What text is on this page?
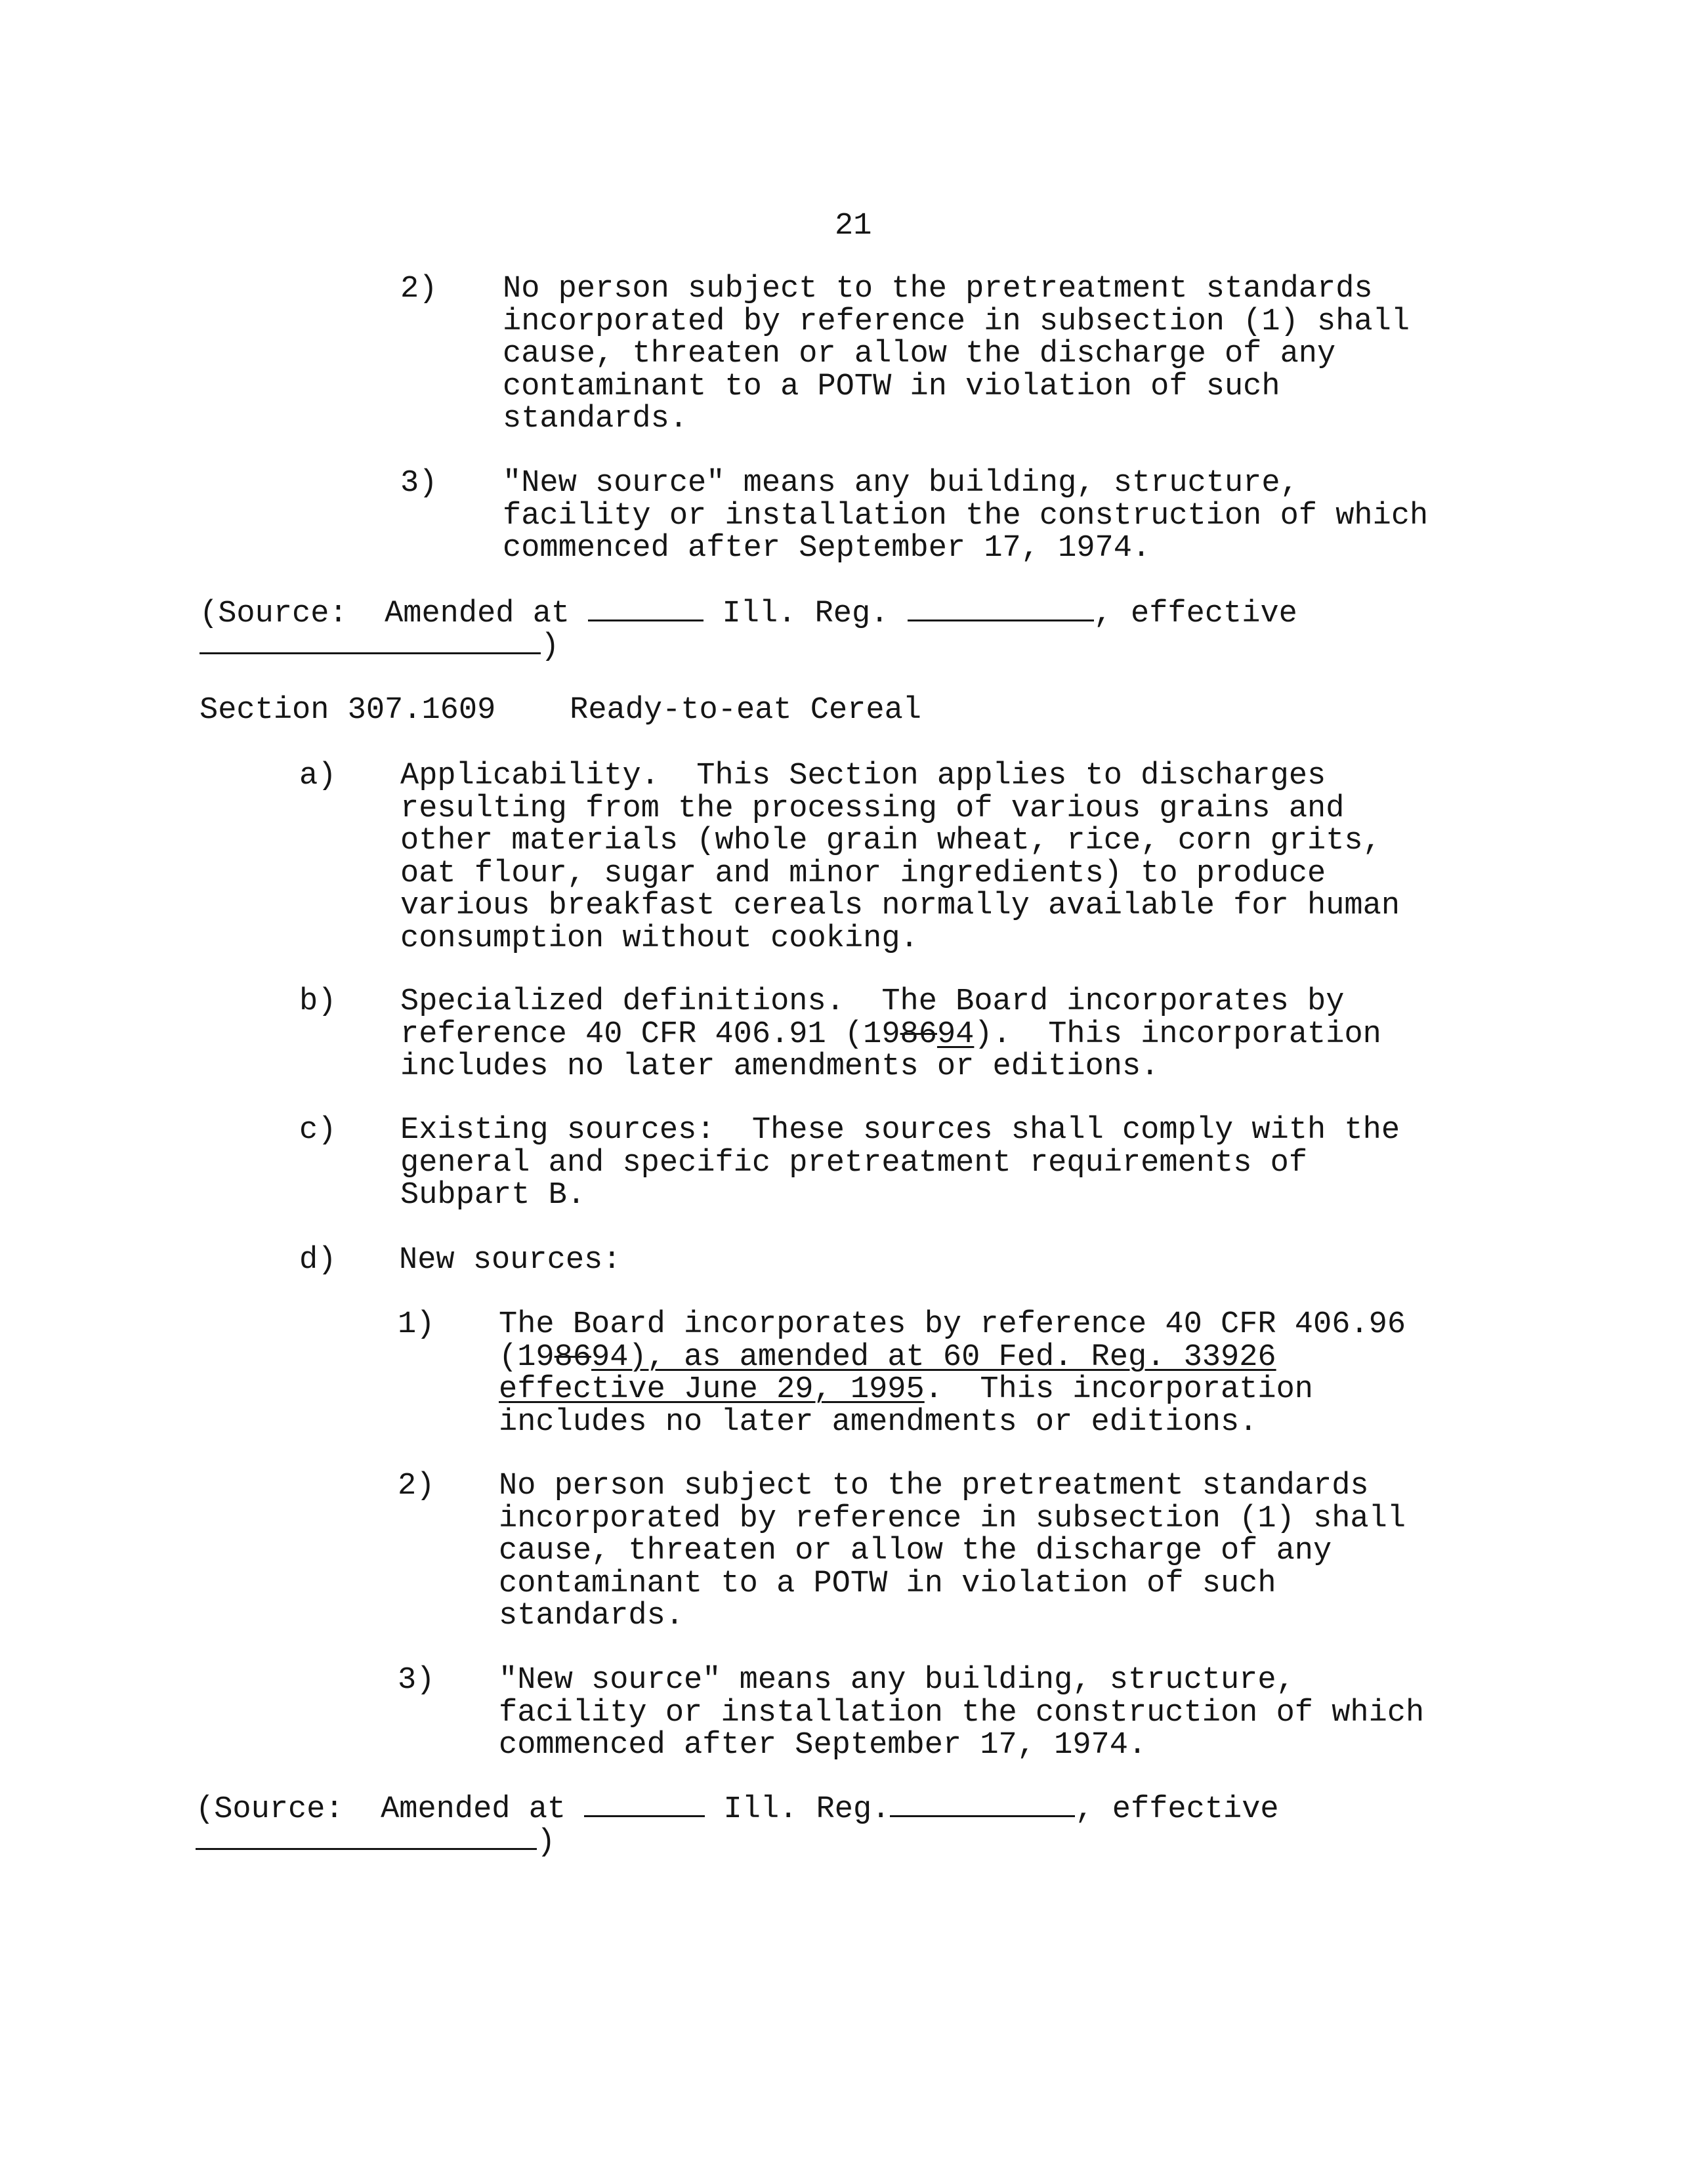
21
2) No person subject to the pretreatment standards
incorporated by reference in subsection (1) shall
cause, threaten or allow the discharge of any
contaminant to a POTW in violation of such
standards.
3) "New source" means any building, structure,
facility or installation the construction of which
commenced after September 17, 1974.
(Source: Amended at	Ill. Reg.	, effective
)
Section 307.1609 Ready-to-eat Cereal
a) Applicability.  This Section applies to discharges
resulting from the processing of various grains and
other materials (whole grain wheat, rice, corn grits,
oat flour, sugar and minor ingredients) to produce
various breakfast cereals normally available for human
consumption without cooking.
b) Specialized definitions.  The Board incorporates by
reference 40 CFR 406.91 (198694).  This incorporation
includes no later amendments or editions.
c) Existing sources:  These sources shall comply with the
general and specific pretreatment requirements of
Subpart B.
d) New sources:
1) The Board incorporates by reference 40 CFR 406.96
(198694), as amended at 60 Fed. Reg. 33926
effective June 29, 1995.  This incorporation
includes no later amendments or editions.
2) No person subject to the pretreatment standards
incorporated by reference in subsection (1) shall
cause, threaten or allow the discharge of any
contaminant to a POTW in violation of such
standards.
3) "New source" means any building, structure,
facility or installation the construction of which
commenced after September 17, 1974.
(Source: Amended at	Ill. Reg.	, effective
)
